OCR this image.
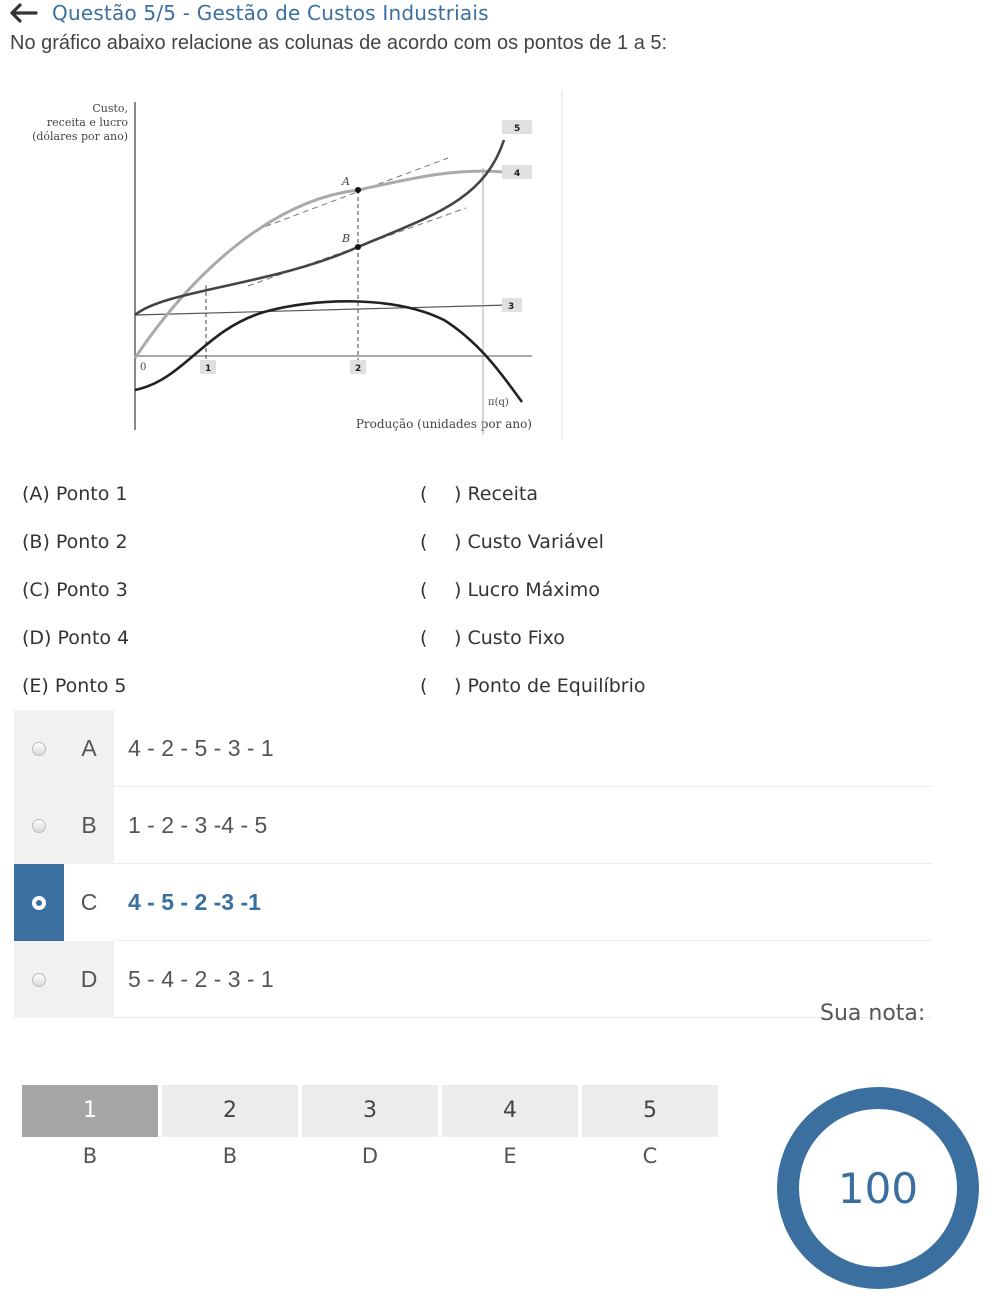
Questão 5/5 - Gestão de Custos Industriais
No gráfico abaixo relacione as colunas de acordo com os pontos de 1 a 5:
Custo,
receita e lucro
(dólares por ano)
Produção (unidades por ano)
0
π(q)
A
B
5
4
3
1	2
(A) Ponto 1	(	) Receita
(B) Ponto 2	(	) Custo Variável
(C) Ponto 3	(	) Lucro Máximo
(D) Ponto 4	(	) Custo Fixo
(E) Ponto 5	(	) Ponto de Equilíbrio
A	4 - 2 - 5 - 3 - 1
B	1 - 2 - 3 -4 - 5
C	4 - 5 - 2 -3 -1
D	5 - 4 - 2 - 3 - 1
Sua nota:
1
B
2
B
3
D
4
E
5
C
100
